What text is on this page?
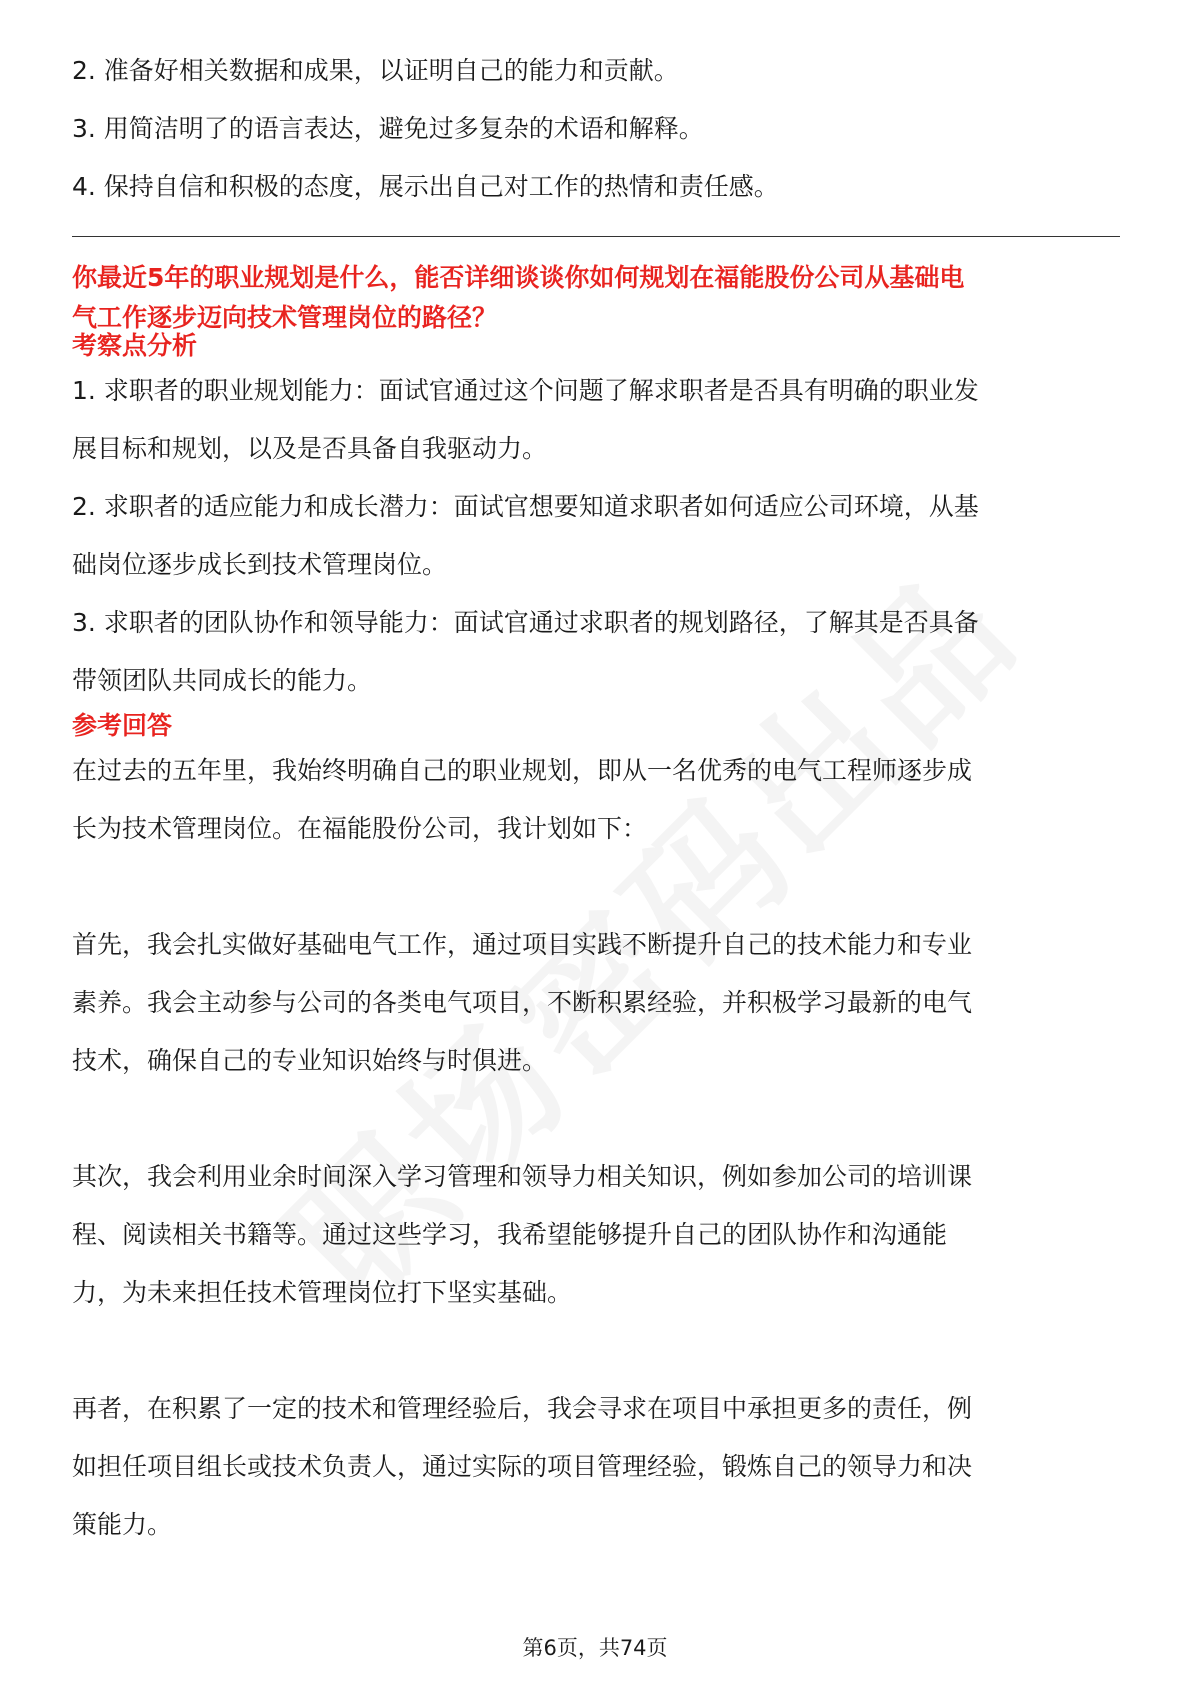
2. 准备好相关数据和成果，以证明自己的能力和贡献。

3. 用简洁明了的语言表达，避免过多复杂的术语和解释。

4. 保持自信和积极的态度，展示出自己对工作的热情和责任感。

你最近5年的职业规划是什么，能否详细谈谈你如何规划在福能股份公司从基础电
气工作逐步迈向技术管理岗位的路径？
考察点分析

1. 求职者的职业规划能力：面试官通过这个问题了解求职者是否具有明确的职业发

展目标和规划，以及是否具备自我驱动力。

2. 求职者的适应能力和成长潜力：面试官想要知道求职者如何适应公司环境，从基

础岗位逐步成长到技术管理岗位。

3. 求职者的团队协作和领导能力：面试官通过求职者的规划路径，了解其是否具备

带领团队共同成长的能力。

参考回答

在过去的五年里，我始终明确自己的职业规划，即从一名优秀的电气工程师逐步成

长为技术管理岗位。在福能股份公司，我计划如下：

首先，我会扎实做好基础电气工作，通过项目实践不断提升自己的技术能力和专业

素养。我会主动参与公司的各类电气项目，不断积累经验，并积极学习最新的电气

技术，确保自己的专业知识始终与时俱进。

其次，我会利用业余时间深入学习管理和领导力相关知识，例如参加公司的培训课

程、阅读相关书籍等。通过这些学习，我希望能够提升自己的团队协作和沟通能

力，为未来担任技术管理岗位打下坚实基础。

再者，在积累了一定的技术和管理经验后，我会寻求在项目中承担更多的责任，例

如担任项目组长或技术负责人，通过实际的项目管理经验，锻炼自己的领导力和决

策能力。

第6页，共74页
